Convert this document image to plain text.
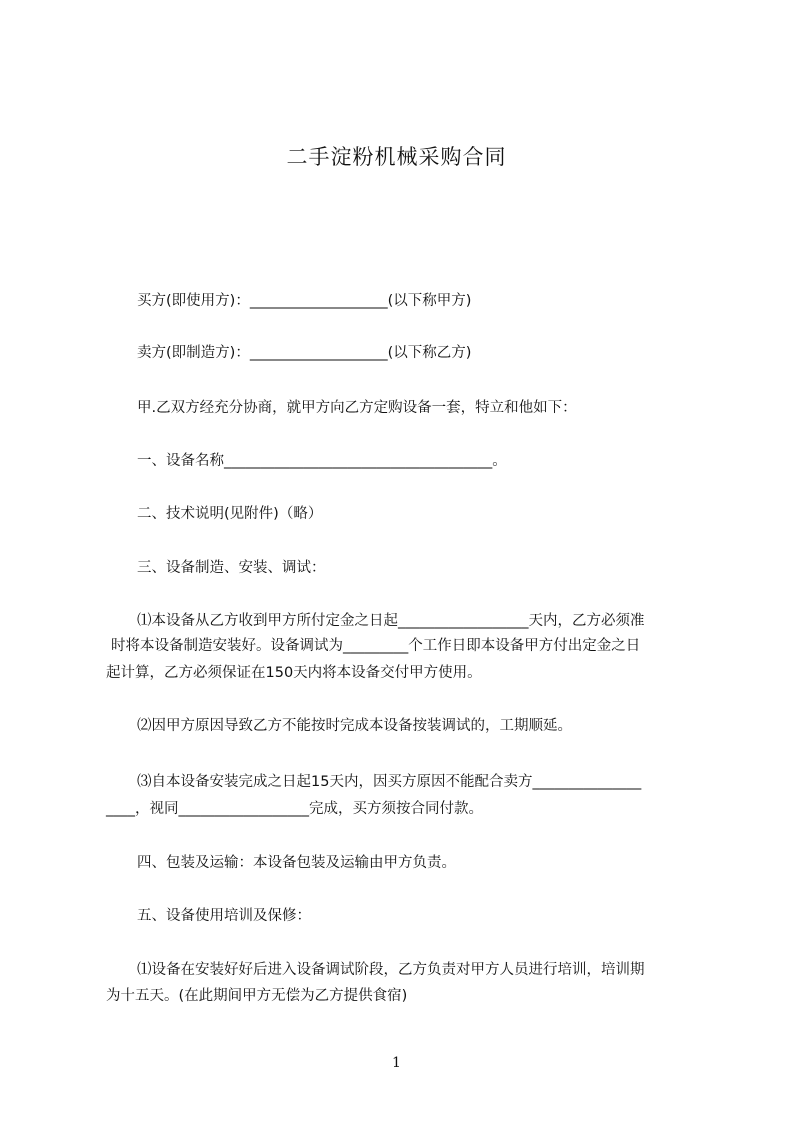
二手淀粉机械采购合同
买方(即使用方)：___________________(以下称甲方)
卖方(即制造方)：___________________(以下称乙方)
甲.乙双方经充分协商，就甲方向乙方定购设备一套，特立和他如下：
一、设备名称_____________________________________。
二、技术说明(见附件)（略）
三、设备制造、安装、调试：
⑴本设备从乙方收到甲方所付定金之日起__________________天内，乙方必须准
时将本设备制造安装好。设备调试为_________个工作日即本设备甲方付出定金之日
起计算，乙方必须保证在150天内将本设备交付甲方使用。
⑵因甲方原因导致乙方不能按时完成本设备按装调试的，工期顺延。
⑶自本设备安装完成之日起15天内，因买方原因不能配合卖方_______________
____，视同__________________完成，买方须按合同付款。
四、包装及运输：本设备包装及运输由甲方负责。
五、设备使用培训及保修：
⑴设备在安装好好后进入设备调试阶段，乙方负责对甲方人员进行培训，培训期
为十五天。(在此期间甲方无偿为乙方提供食宿)
1
